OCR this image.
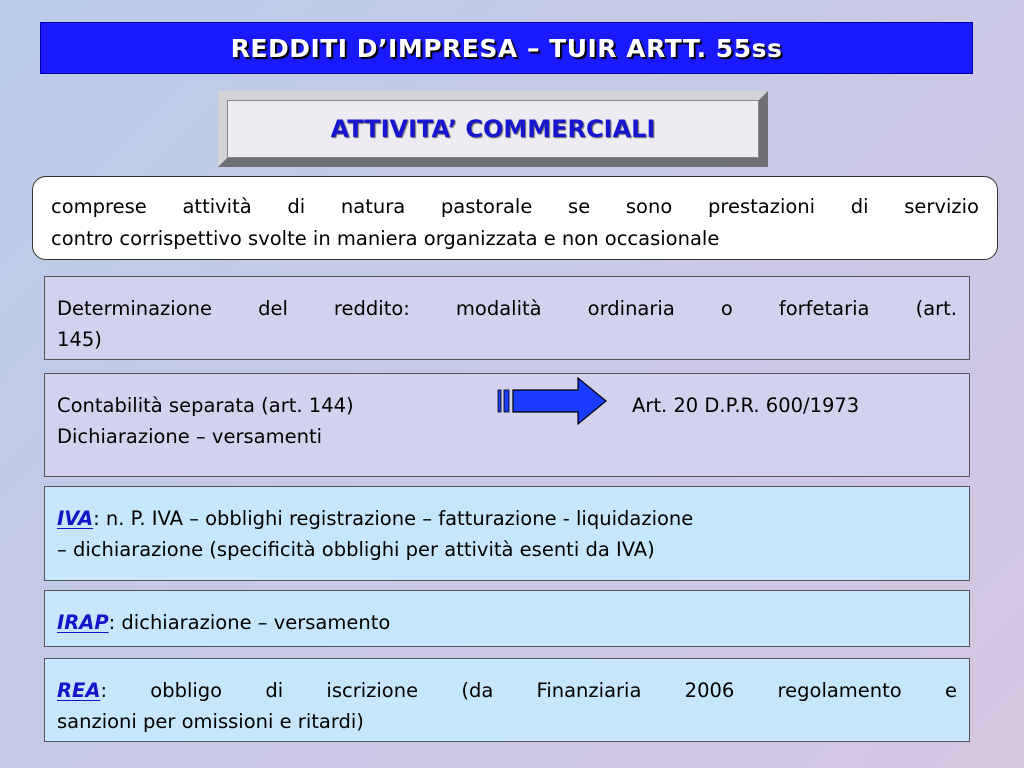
REDDITI D’IMPRESA – TUIR ARTT. 55ss
ATTIVITA’ COMMERCIALI
comprese attività di natura pastorale se sono prestazioni di servizio
contro corrispettivo svolte in maniera organizzata e non occasionale
Determinazione del reddito: modalità ordinaria o forfetaria (art.
145)
Contabilità separata (art. 144)
Dichiarazione – versamenti
Art. 20 D.P.R. 600/1973
IVA: n. P. IVA – obblighi registrazione – fatturazione - liquidazione
– dichiarazione (specificità obblighi per attività esenti da IVA)
IRAP: dichiarazione – versamento
REA: obbligo di iscrizione (da Finanziaria 2006 regolamento e
sanzioni per omissioni e ritardi)
